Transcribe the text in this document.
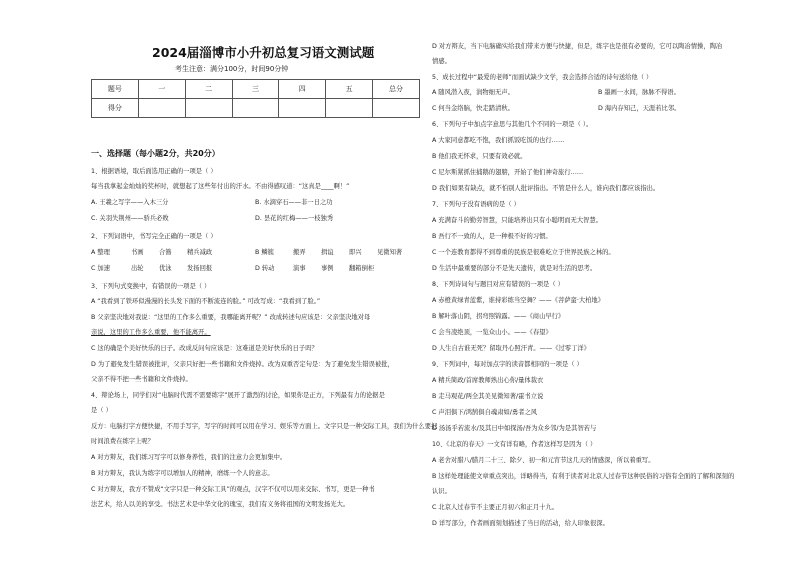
2024届淄博市小升初总复习语文测试题
考生注意：满分100分，时间90分钟
题号	一	二	三	四	五	总分
得分						
一、选择题（每小题2分，共20分）
1、根据语境，取后面选用正确的一项是（ ）
每当我拿起金灿灿的奖杯时，就想起了这些年付出的汗水。不由得感叹道：“这真是____啊！”
A. 王羲之写字——入木三分	B. 水滴穿石——非一日之功
C. 关羽失荆州——骄兵必败	D. 昙花的红梅——一枝独秀
2、下列词语中，书写完全正确的一项是（ ）
A 整理	书画 合簪 精兵减政	B 鳞簇	搬弄 揖谊 即兴 见微知著
C 加速	出轮 优泳 发扬回报	D 转动	演事 事例 翻箱倒柜
3、下列句式变换中，有错误的一项是（ ）
A “我看到了铁环似漫漫的长头发下面的不断流连的脸。” 可改写成：“我看到了脸。”
B 父亲坚决地对我说：“这里的工作多么重要，我哪能离开呢？” 改成转述句应该是：父亲坚决地对母
亲说，这里的工作多么重要，他不能离开。
C 这的确是个美好快乐的日子。改成反问句应该是：这难道是美好快乐的日子吗？
D 为了避免发生错误被批评，父亲只好把一些书籍和文件烧掉。改为双重否定句是：为了避免发生错误被批，
父亲不得不把一些书籍和文件烧掉。
4、辩论场上，同学们对“电脑时代需不需要练字”展开了激烈的讨论，如果你是正方，下列最有力的论据是
是（ ）
反方：电脑打字方便快捷，不用手写字，写字的时间可以用在学习、娱乐等方面上。文字只是一种交际工具，我们为什么要把
时间浪费在练字上呢？
A 对方辩友，我们练习写字可以修身养性，我们的注意力会更加集中。
B 对方辩友，我认为练字可以增加人的精神，磨练一个人的意志。
C 对方辩友，我方不赞成“文字只是一种交际工具”的观点，汉字不仅可以用来交际、书写，更是一种书
法艺术，给人以美的享受。书法艺术是中华文化的瑰宝，我们有义务将祖国的文明发扬光大。
D 对方辩友，当下电脑确实给我们带来方便与快捷，但是，练字也是很有必要的，它可以陶冶情操，陶冶
情感。
5、成长过程中“最爱的老师”而面试缺少文学，我会选择合适的诗句送给他（ ）
A 随风潜入夜，润物细无声。	B 墨画一水间，脉脉不得语。
C 何当金络脑，快走踏清秋。	D 海内存知己，天涯若比邻。
6、下列句子中加点字意思与其他几个不同的一项是（ ）。
A 大家同意都吃不饱，我们抓饭吃饭的也行……
B 他们我无怀求，只要有效必就。
C 尼尔斯紧抓住捕鹅的翅膀，开始了他们神奇旅行……
D 我们如果有缺点，就不怕别人批评指出。不管是什么人，谁向我们都应该指出。
7、下列句子没有语病的是（ ）
A 充满奋斗的勤劳智慧，只能培养出只有小聪明而无大智慧。
B 吾行不一致的人，是一种极不好的习惯。
C 一个连教育都得不到尊重的民族是很难屹立于世界民族之林的。
D 生活中最重要的部分不是先天遗传，就是对生活的思考。
8、下列诗词句与题目对应有错误的一项是（ ）
A 赤橙黄绿青蓝紫，谁持彩练当空舞？——《菩萨蛮·大柏地》
B 解叶落山阴，拐弯照锦露。——《商山早行》
C 会当凌绝顶，一览众山小。——《春望》
D 人生自古谁无死？留取丹心照汗青。——《过零丁洋》
9、下列词中，每对加点字的读音都相同的一项是（ ）
A 精兵简政/首席教师熟出心你/量体裁衣
B 走马观花/两全其美见微知著/霍书立说
C 声泪俱下/鸿鹄俱自魂肃如/勇者之风
D 汤汤乎若流水/及其日中如探汤/吾为众乡邻/为是其智若与
10、《北京的春天》一文有详有略，作者这样写是因为（ ）
A 老舍对腊八/腊月二十三、除夕、初一和元宵节这几天的情感深，所以着重写。
B 这样处理能使文章重点突出，详略得当，有利于读者对北京人过春节这种民俗的习俗有全面的了解和深刻的
认识。
C 北京人过春节不主要正月初六和正月十九。
D 详写部分，作者画面刻划描述了当日的活动，给人印象很深。
